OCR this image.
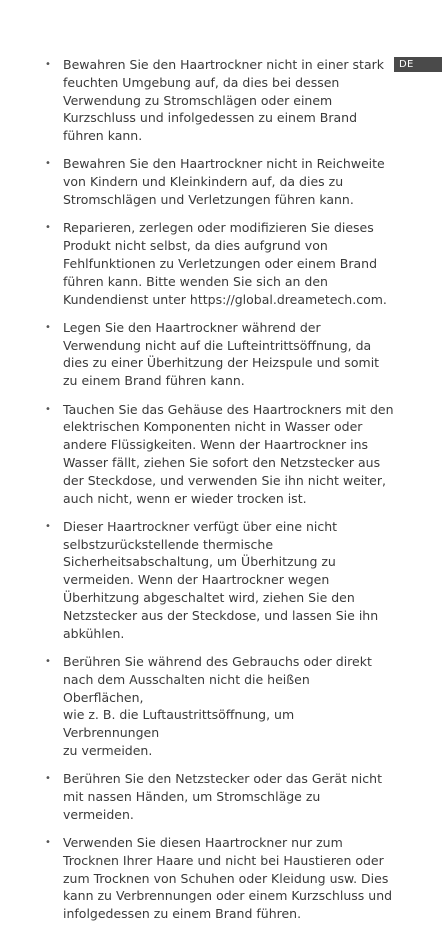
DE
• Bewahren Sie den Haartrockner nicht in einer stark
feuchten Umgebung auf, da dies bei dessen
Verwendung zu Stromschlägen oder einem
Kurzschluss und infolgedessen zu einem Brand
führen kann.
• Bewahren Sie den Haartrockner nicht in Reichweite
von Kindern und Kleinkindern auf, da dies zu
Stromschlägen und Verletzungen führen kann.
• Reparieren, zerlegen oder modifizieren Sie dieses
Produkt nicht selbst, da dies aufgrund von
Fehlfunktionen zu Verletzungen oder einem Brand
führen kann. Bitte wenden Sie sich an den
Kundendienst unter https://global.dreametech.com.
• Legen Sie den Haartrockner während der
Verwendung nicht auf die Lufteintrittsöffnung, da
dies zu einer Überhitzung der Heizspule und somit
zu einem Brand führen kann.
• Tauchen Sie das Gehäuse des Haartrockners mit den
elektrischen Komponenten nicht in Wasser oder
andere Flüssigkeiten. Wenn der Haartrockner ins
Wasser fällt, ziehen Sie sofort den Netzstecker aus
der Steckdose, und verwenden Sie ihn nicht weiter,
auch nicht, wenn er wieder trocken ist.
• Dieser Haartrockner verfügt über eine nicht
selbstzurückstellende thermische
Sicherheitsabschaltung, um Überhitzung zu
vermeiden. Wenn der Haartrockner wegen
Überhitzung abgeschaltet wird, ziehen Sie den
Netzstecker aus der Steckdose, und lassen Sie ihn
abkühlen.
• Berühren Sie während des Gebrauchs oder direkt
nach dem Ausschalten nicht die heißen Oberflächen,
wie z. B. die Luftaustrittsöffnung, um Verbrennungen
zu vermeiden.
• Berühren Sie den Netzstecker oder das Gerät nicht
mit nassen Händen, um Stromschläge zu vermeiden.
• Verwenden Sie diesen Haartrockner nur zum
Trocknen Ihrer Haare und nicht bei Haustieren oder
zum Trocknen von Schuhen oder Kleidung usw. Dies
kann zu Verbrennungen oder einem Kurzschluss und
infolgedessen zu einem Brand führen.
